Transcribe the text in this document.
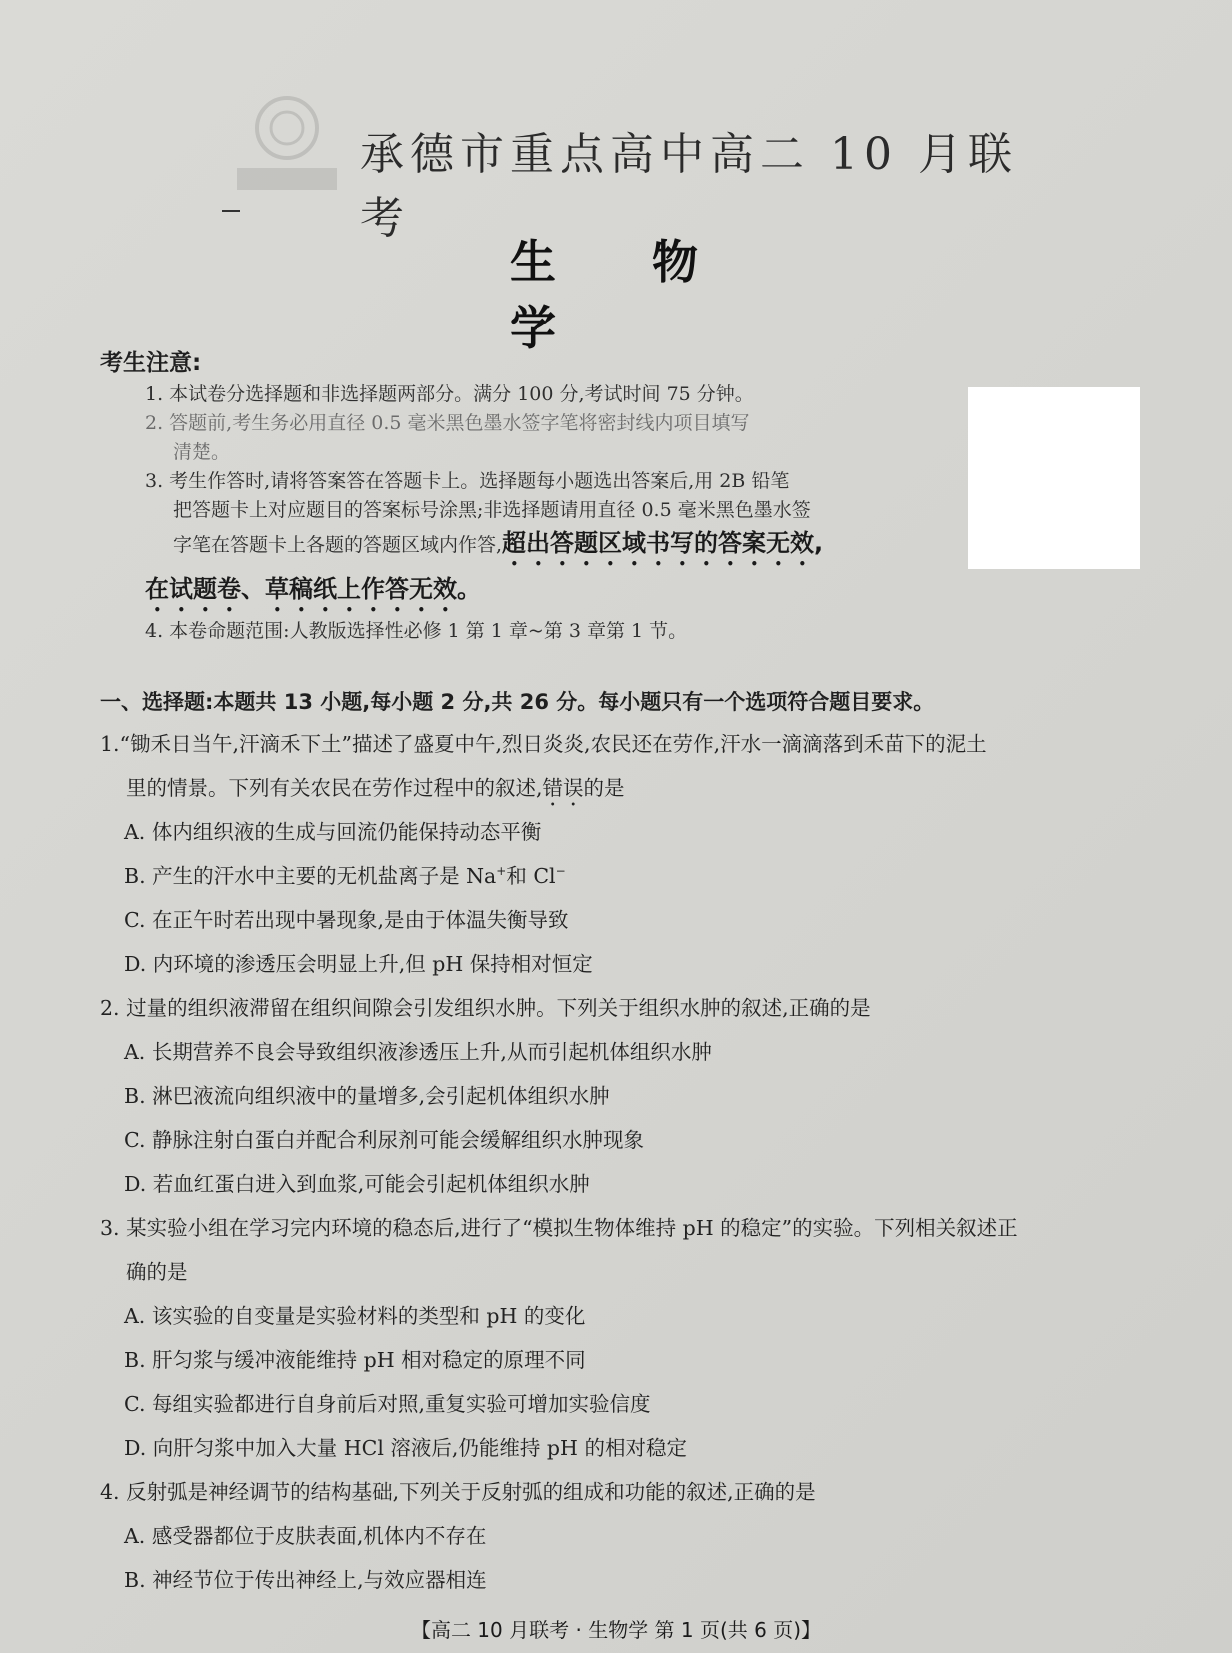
承德市重点高中高二 10 月联考
生 物 学
考生注意:

1. 本试卷分选择题和非选择题两部分。满分 100 分,考试时间 75 分钟。

2. 答题前,考生务必用直径 0.5 毫米黑色墨水签字笔将密封线内项目填写

清楚。

3. 考生作答时,请将答案答在答题卡上。选择题每小题选出答案后,用 2B 铅笔

把答题卡上对应题目的答案标号涂黑;非选择题请用直径 0.5 毫米黑色墨水签

字笔在答题卡上各题的答题区域内作答,超出答题区域书写的答案无效,

在试题卷、草稿纸上作答无效。

4. 本卷命题范围:人教版选择性必修 1 第 1 章~第 3 章第 1 节。

一、选择题:本题共 13 小题,每小题 2 分,共 26 分。每小题只有一个选项符合题目要求。
1.“锄禾日当午,汗滴禾下土”描述了盛夏中午,烈日炎炎,农民还在劳作,汗水一滴滴落到禾苗下的泥土
里的情景。下列有关农民在劳作过程中的叙述,错误的是
A. 体内组织液的生成与回流仍能保持动态平衡
B. 产生的汗水中主要的无机盐离子是 Na+和 Cl−
C. 在正午时若出现中暑现象,是由于体温失衡导致
D. 内环境的渗透压会明显上升,但 pH 保持相对恒定
2. 过量的组织液滞留在组织间隙会引发组织水肿。下列关于组织水肿的叙述,正确的是
A. 长期营养不良会导致组织液渗透压上升,从而引起机体组织水肿
B. 淋巴液流向组织液中的量增多,会引起机体组织水肿
C. 静脉注射白蛋白并配合利尿剂可能会缓解组织水肿现象
D. 若血红蛋白进入到血浆,可能会引起机体组织水肿
3. 某实验小组在学习完内环境的稳态后,进行了“模拟生物体维持 pH 的稳定”的实验。下列相关叙述正
确的是
A. 该实验的自变量是实验材料的类型和 pH 的变化
B. 肝匀浆与缓冲液能维持 pH 相对稳定的原理不同
C. 每组实验都进行自身前后对照,重复实验可增加实验信度
D. 向肝匀浆中加入大量 HCl 溶液后,仍能维持 pH 的相对稳定
4. 反射弧是神经调节的结构基础,下列关于反射弧的组成和功能的叙述,正确的是
A. 感受器都位于皮肤表面,机体内不存在
B. 神经节位于传出神经上,与效应器相连
【高二 10 月联考 · 生物学 第 1 页(共 6 页)】
